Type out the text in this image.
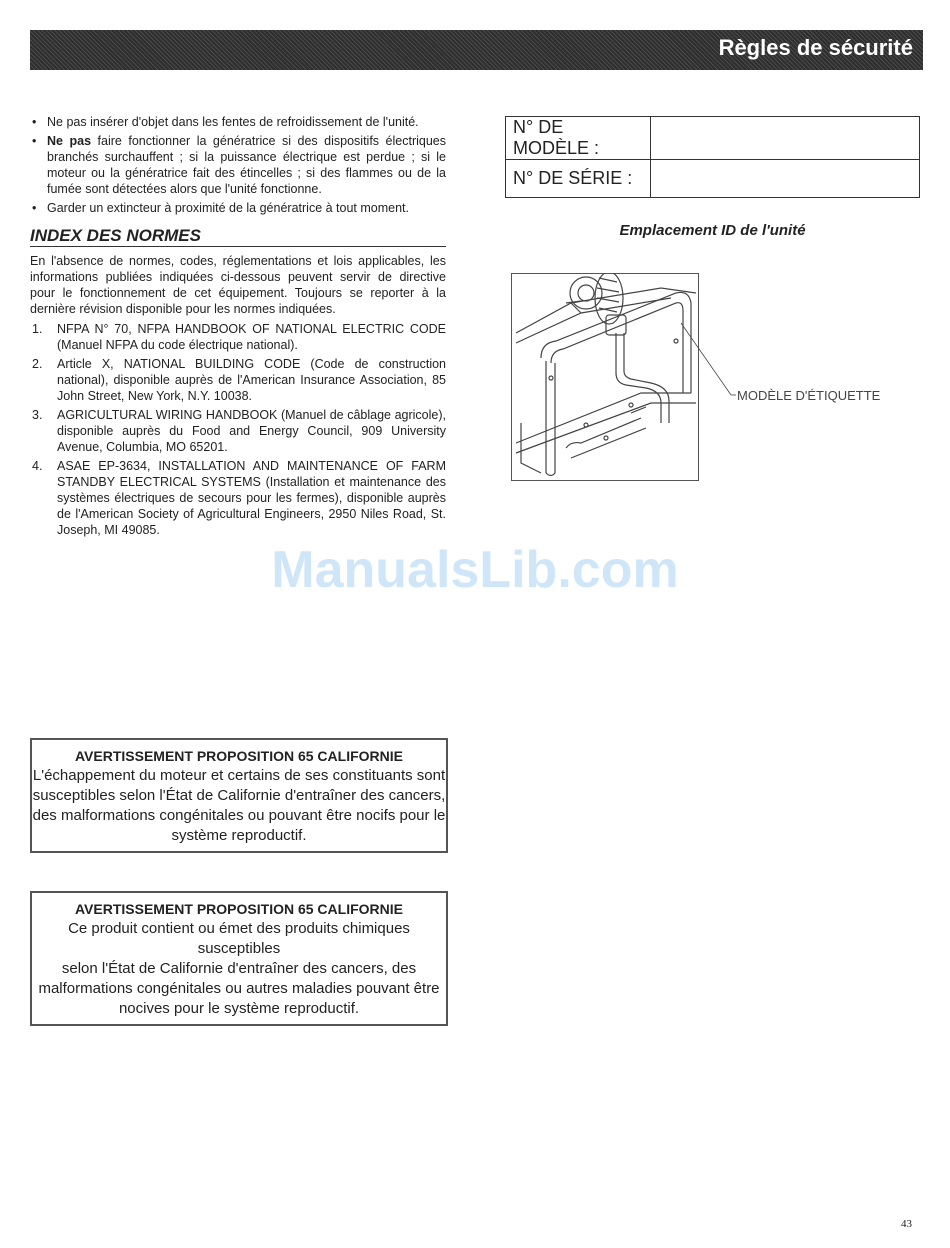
Règles de sécurité
• Ne pas insérer d'objet dans les fentes de refroidissement de l'unité.
• Ne pas faire fonctionner la génératrice si des dispositifs électriques branchés surchauffent ; si la puissance électrique est perdue ; si le moteur ou la génératrice fait des étincelles ; si des flammes ou de la fumée sont détectées alors que l'unité fonctionne.
• Garder un extincteur à proximité de la génératrice à tout moment.
INDEX DES NORMES

En l'absence de normes, codes, réglementations et lois applicables, les informations publiées indiquées ci-dessous peuvent servir de directive pour le fonctionnement de cet équipement. Toujours se reporter à la dernière révision disponible pour les normes indiquées.

1. NFPA N° 70, NFPA HANDBOOK OF NATIONAL ELECTRIC CODE (Manuel NFPA du code électrique national).
2. Article X, NATIONAL BUILDING CODE (Code de construction national), disponible auprès de l'American Insurance Association, 85 John Street, New York, N.Y. 10038.
3. AGRICULTURAL WIRING HANDBOOK (Manuel de câblage agricole), disponible auprès du Food and Energy Council, 909 University Avenue, Columbia, MO 65201.
4. ASAE EP-3634, INSTALLATION AND MAINTENANCE OF FARM STANDBY ELECTRICAL SYSTEMS (Installation et maintenance des systèmes électriques de secours pour les fermes), disponible auprès de l'American Society of Agricultural Engineers, 2950 Niles Road, St. Joseph, MI 49085.
N° DE MODÈLE :	
N° DE SÉRIE :	
Emplacement ID de l'unité
MODÈLE D'ÉTIQUETTE
ManualsLib.com
AVERTISSEMENT PROPOSITION 65 CALIFORNIE
L'échappement du moteur et certains de ses constituants sont
susceptibles selon l'État de Californie d'entraîner des cancers,
des malformations congénitales ou pouvant être nocifs pour le
système reproductif.
AVERTISSEMENT PROPOSITION 65 CALIFORNIE
Ce produit contient ou émet des produits chimiques susceptibles
selon l'État de Californie d'entraîner des cancers, des
malformations congénitales ou autres maladies pouvant être
nocives pour le système reproductif.
43
